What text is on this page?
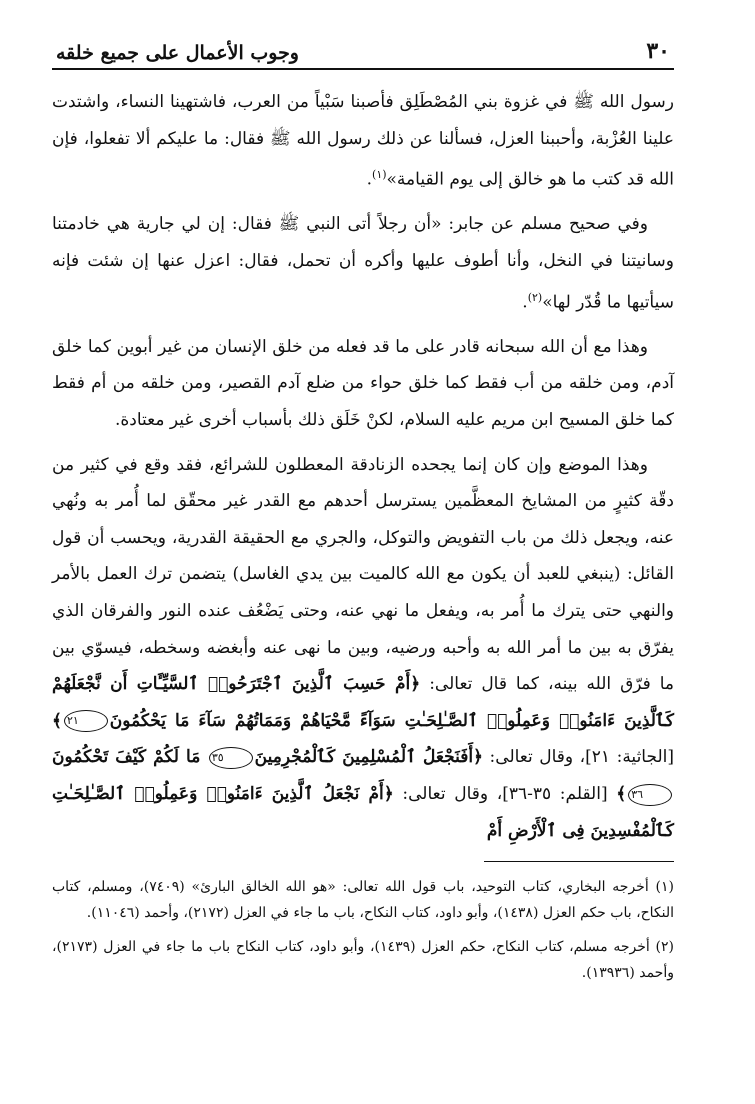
٣٠
وجوب الأعمال على جميع خلقه

رسول الله ﷺ في غزوة بني المُصْطَلِق فأصبنا سَبْياً من العرب، فاشتهينا النساء، واشتدت علينا العُزْبة، وأحببنا العزل، فسألنا عن ذلك رسول الله ﷺ فقال: ما عليكم ألا تفعلوا، فإن الله قد كتب ما هو خالق إلى يوم القيامة»$^{(١)}$.

وفي صحيح مسلم عن جابر: «أن رجلاً أتى النبي ﷺ فقال: إن لي جارية هي خادمتنا وسانيتنا في النخل، وأنا أطوف عليها وأكره أن تحمل، فقال: اعزل عنها إن شئت فإنه سيأتيها ما قُدّر لها»$^{(٢)}$.

وهذا مع أن الله سبحانه قادر على ما قد فعله من خلق الإنسان من غير أبوين كما خلق آدم، ومن خلقه من أب فقط كما خلق حواء من ضلع آدم القصير، ومن خلقه من أم فقط كما خلق المسيح ابن مريم عليه السلام، لكنْ خَلَق ذلك بأسباب أخرى غير معتادة.

وهذا الموضع وإن كان إنما يجحده الزنادقة المعطلون للشرائع، فقد وقع في كثير من دقّة كثيرٍ من المشايخ المعظَّمين يسترسل أحدهم مع القدر غير محقّق لما أُمر به ونُهي عنه، ويجعل ذلك من باب التفويض والتوكل، والجري مع الحقيقة القدرية، ويحسب أن قول القائل: (ينبغي للعبد أن يكون مع الله كالميت بين يدي الغاسل) يتضمن ترك العمل بالأمر والنهي حتى يترك ما أُمر به، ويفعل ما نهي عنه، وحتى يَضْعُف عنده النور والفرقان الذي يفرّق به بين ما أمر الله به وأحبه ورضيه، وبين ما نهى عنه وأبغضه وسخطه، فيسوّي بين ما فرّق الله بينه، كما قال تعالى: ﴿أَمْ حَسِبَ ٱلَّذِينَ ٱجْتَرَحُوا۟ ٱلسَّيِّـَٔاتِ أَن نَّجْعَلَهُمْ كَٱلَّذِينَ ءَامَنُوا۟ وَعَمِلُوا۟ ٱلصَّـٰلِحَـٰتِ سَوَآءً مَّحْيَاهُمْ وَمَمَاتُهُمْ سَآءَ مَا يَحْكُمُونَ٢١﴾ [الجاثية: ٢١]، وقال تعالى: ﴿أَفَنَجْعَلُ ٱلْمُسْلِمِينَ كَٱلْمُجْرِمِينَ٣٥ مَا لَكُمْ كَيْفَ تَحْكُمُونَ٣٦﴾ [القلم: ٣٥-٣٦]، وقال تعالى: ﴿أَمْ نَجْعَلُ ٱلَّذِينَ ءَامَنُوا۟ وَعَمِلُوا۟ ٱلصَّـٰلِحَـٰتِ كَٱلْمُفْسِدِينَ فِى ٱلْأَرْضِ أَمْ

(١) أخرجه البخاري، كتاب التوحيد، باب قول الله تعالى: «هو الله الخالق البارئ» (٧٤٠٩)، ومسلم، كتاب النكاح، باب حكم العزل (١٤٣٨)، وأبو داود، كتاب النكاح، باب ما جاء في العزل (٢١٧٢)، وأحمد (١١٠٤٦).

(٢) أخرجه مسلم، كتاب النكاح، حكم العزل (١٤٣٩)، وأبو داود، كتاب النكاح باب ما جاء في العزل (٢١٧٣)، وأحمد (١٣٩٣٦).
